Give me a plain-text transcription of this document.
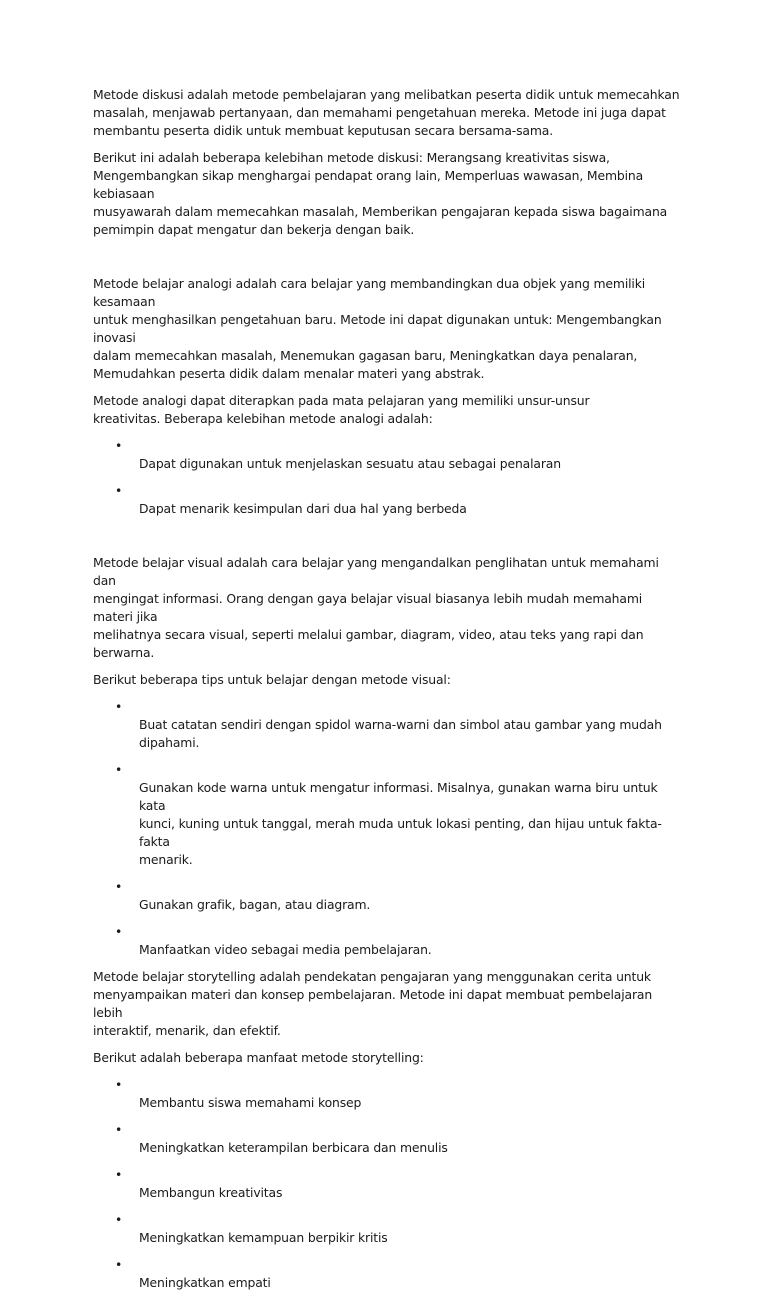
Metode diskusi adalah metode pembelajaran yang melibatkan peserta didik untuk memecahkan
masalah, menjawab pertanyaan, dan memahami pengetahuan mereka. Metode ini juga dapat
membantu peserta didik untuk membuat keputusan secara bersama-sama.

Berikut ini adalah beberapa kelebihan metode diskusi: Merangsang kreativitas siswa,
Mengembangkan sikap menghargai pendapat orang lain, Memperluas wawasan, Membina kebiasaan
musyawarah dalam memecahkan masalah, Memberikan pengajaran kepada siswa bagaimana
pemimpin dapat mengatur dan bekerja dengan baik.

Metode belajar analogi adalah cara belajar yang membandingkan dua objek yang memiliki kesamaan
untuk menghasilkan pengetahuan baru. Metode ini dapat digunakan untuk: Mengembangkan inovasi
dalam memecahkan masalah, Menemukan gagasan baru, Meningkatkan daya penalaran,
Memudahkan peserta didik dalam menalar materi yang abstrak.

Metode analogi dapat diterapkan pada mata pelajaran yang memiliki unsur-unsur
kreativitas. Beberapa kelebihan metode analogi adalah:

•
Dapat digunakan untuk menjelaskan sesuatu atau sebagai penalaran

•
Dapat menarik kesimpulan dari dua hal yang berbeda

Metode belajar visual adalah cara belajar yang mengandalkan penglihatan untuk memahami dan
mengingat informasi. Orang dengan gaya belajar visual biasanya lebih mudah memahami materi jika
melihatnya secara visual, seperti melalui gambar, diagram, video, atau teks yang rapi dan berwarna.

Berikut beberapa tips untuk belajar dengan metode visual:

•
Buat catatan sendiri dengan spidol warna-warni dan simbol atau gambar yang mudah
dipahami.

•
Gunakan kode warna untuk mengatur informasi. Misalnya, gunakan warna biru untuk kata
kunci, kuning untuk tanggal, merah muda untuk lokasi penting, dan hijau untuk fakta-fakta
menarik.

•
Gunakan grafik, bagan, atau diagram.

•
Manfaatkan video sebagai media pembelajaran.

Metode belajar storytelling adalah pendekatan pengajaran yang menggunakan cerita untuk
menyampaikan materi dan konsep pembelajaran. Metode ini dapat membuat pembelajaran lebih
interaktif, menarik, dan efektif.

Berikut adalah beberapa manfaat metode storytelling:

•
Membantu siswa memahami konsep

•
Meningkatkan keterampilan berbicara dan menulis

•
Membangun kreativitas

•
Meningkatkan kemampuan berpikir kritis

•
Meningkatkan empati
